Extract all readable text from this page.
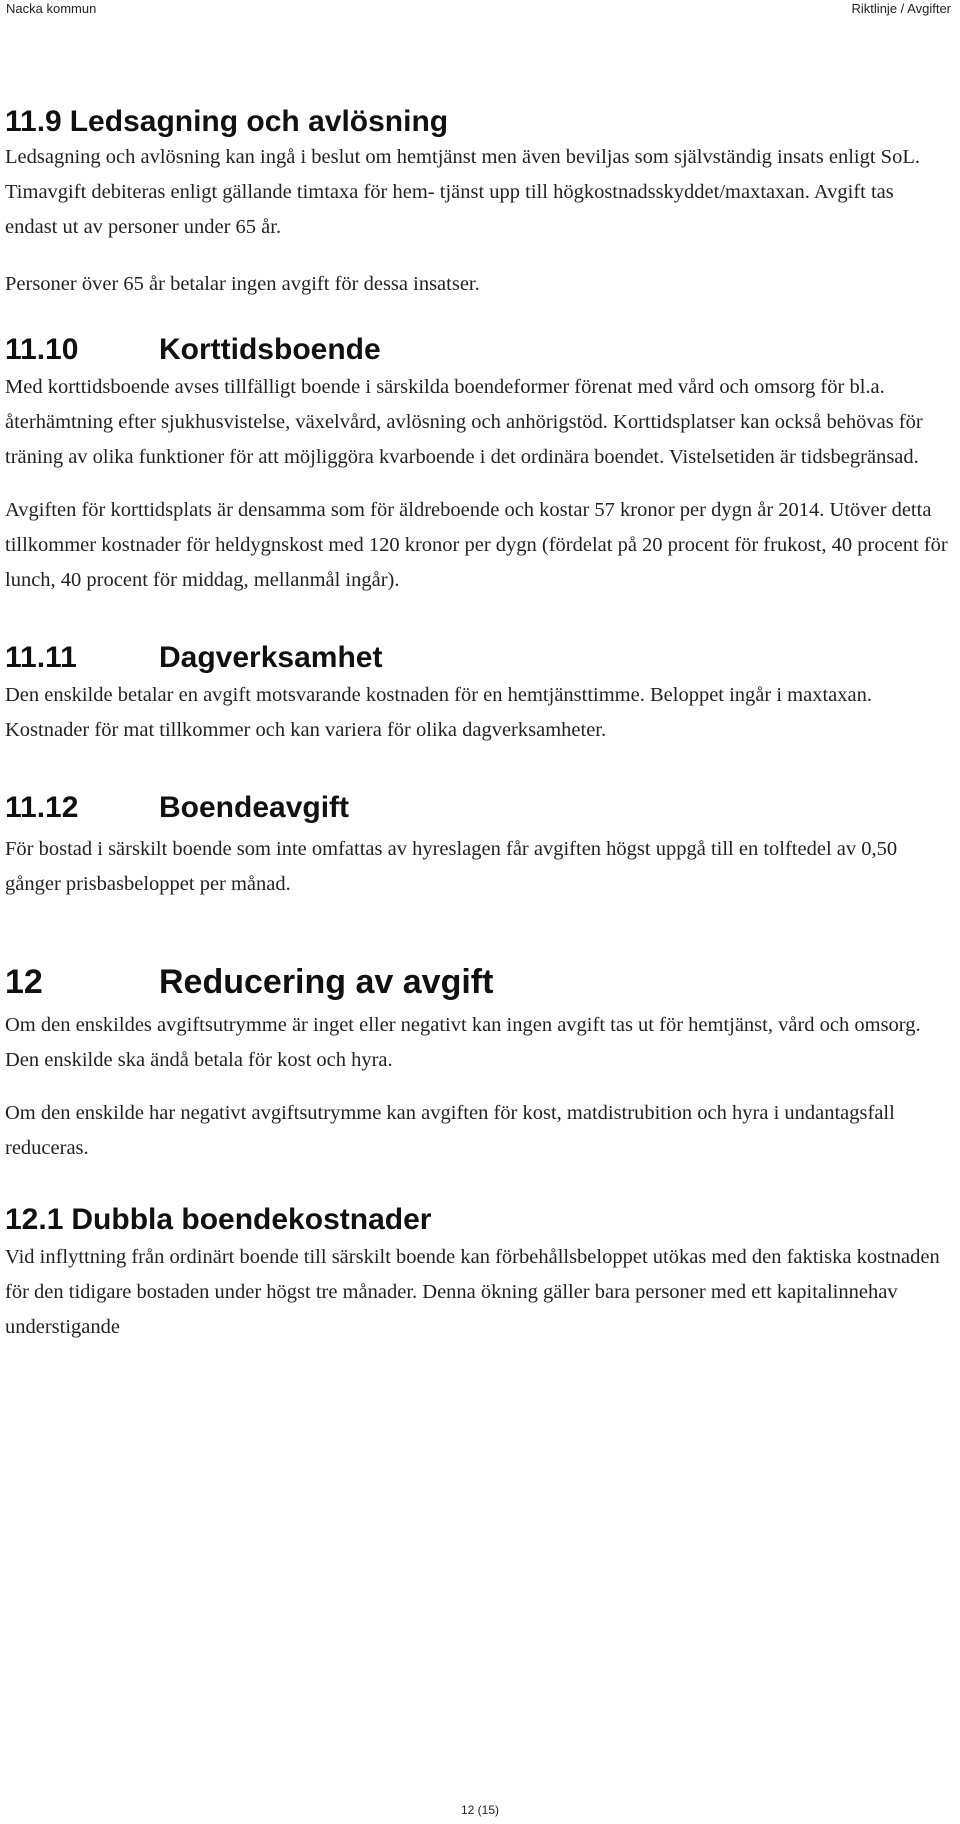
Nacka kommun	Riktlinje / Avgifter
11.9 Ledsagning och avlösning

Ledsagning och avlösning kan ingå i beslut om hemtjänst men även beviljas som självständig insats enligt SoL. Timavgift debiteras enligt gällande timtaxa för hem- tjänst upp till högkostnadsskyddet/maxtaxan. Avgift tas endast ut av personer under 65 år.

Personer över 65 år betalar ingen avgift för dessa insatser.

11.10	Korttidsboende

Med korttidsboende avses tillfälligt boende i särskilda boendeformer förenat med vård och omsorg för bl.a. återhämtning efter sjukhusvistelse, växelvård, avlösning och anhörigstöd. Korttidsplatser kan också behövas för träning av olika funktioner för att möjliggöra kvarboende i det ordinära boendet. Vistelsetiden är tidsbegränsad.

Avgiften för korttidsplats är densamma som för äldreboende och kostar 57 kronor per dygn år 2014. Utöver detta tillkommer kostnader för heldygnskost med 120 kronor per dygn (fördelat på 20 procent för frukost, 40 procent för lunch, 40 procent för middag, mellanmål ingår).

11.11	Dagverksamhet

Den enskilde betalar en avgift motsvarande kostnaden för en hemtjänsttimme. Beloppet ingår i maxtaxan. Kostnader för mat tillkommer och kan variera för olika dagverksamheter.

11.12	Boendeavgift

För bostad i särskilt boende som inte omfattas av hyreslagen får avgiften högst uppgå till en tolftedel av 0,50 gånger prisbasbeloppet per månad.

12	Reducering av avgift

Om den enskildes avgiftsutrymme är inget eller negativt kan ingen avgift tas ut för hemtjänst, vård och omsorg. Den enskilde ska ändå betala för kost och hyra.

Om den enskilde har negativt avgiftsutrymme kan avgiften för kost, matdistrubition och hyra i undantagsfall reduceras.

12.1 Dubbla boendekostnader

Vid inflyttning från ordinärt boende till särskilt boende kan förbehållsbeloppet utökas med den faktiska kostnaden för den tidigare bostaden under högst tre månader. Denna ökning gäller bara personer med ett kapitalinnehav understigande

12 (15)
